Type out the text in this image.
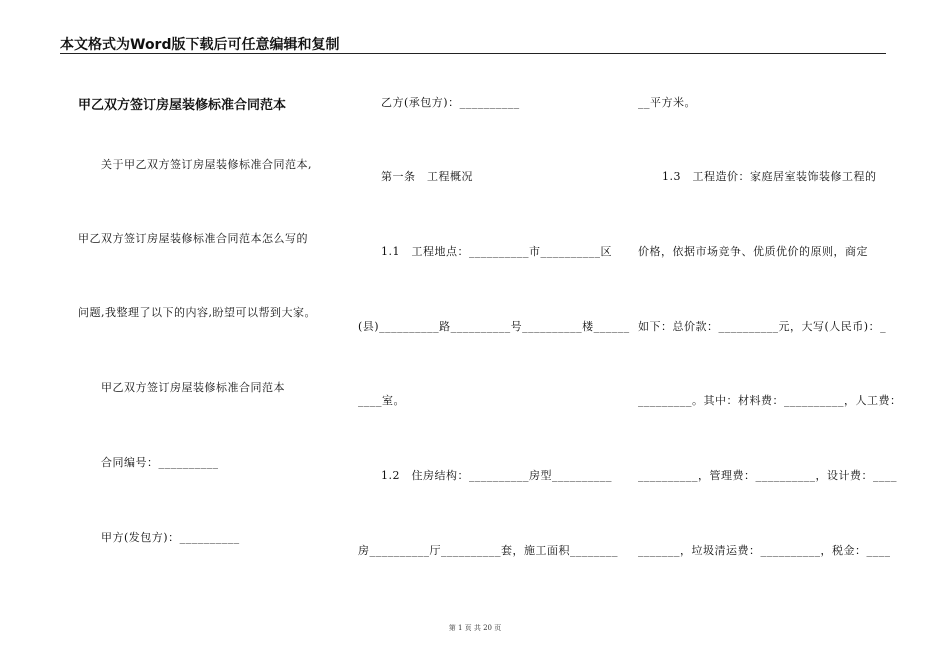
本文格式为Word版下载后可任意编辑和复制
甲乙双方签订房屋装修标准合同范本
关于甲乙双方签订房屋装修标准合同范本,
甲乙双方签订房屋装修标准合同范本怎么写的
问题,我整理了以下的内容,盼望可以帮到大家。
甲乙双方签订房屋装修标准合同范本
合同编号：__________
甲方(发包方)：__________
乙方(承包方)：__________
第一条　工程概况
1.1　工程地点：__________市__________区
(县)__________路__________号__________楼______
____室。
1.2　住房结构：__________房型__________
房__________厅__________套，施工面积________
__平方米。
1.3　工程造价：家庭居室装饰装修工程的
价格，依据市场竞争、优质优价的原则，商定
如下：总价款：__________元，大写(人民币)：_
_________。其中：材料费：__________，人工费：
__________，管理费：__________，设计费：____
_______，垃圾清运费：__________，税金：____
第 1 页 共 20 页
